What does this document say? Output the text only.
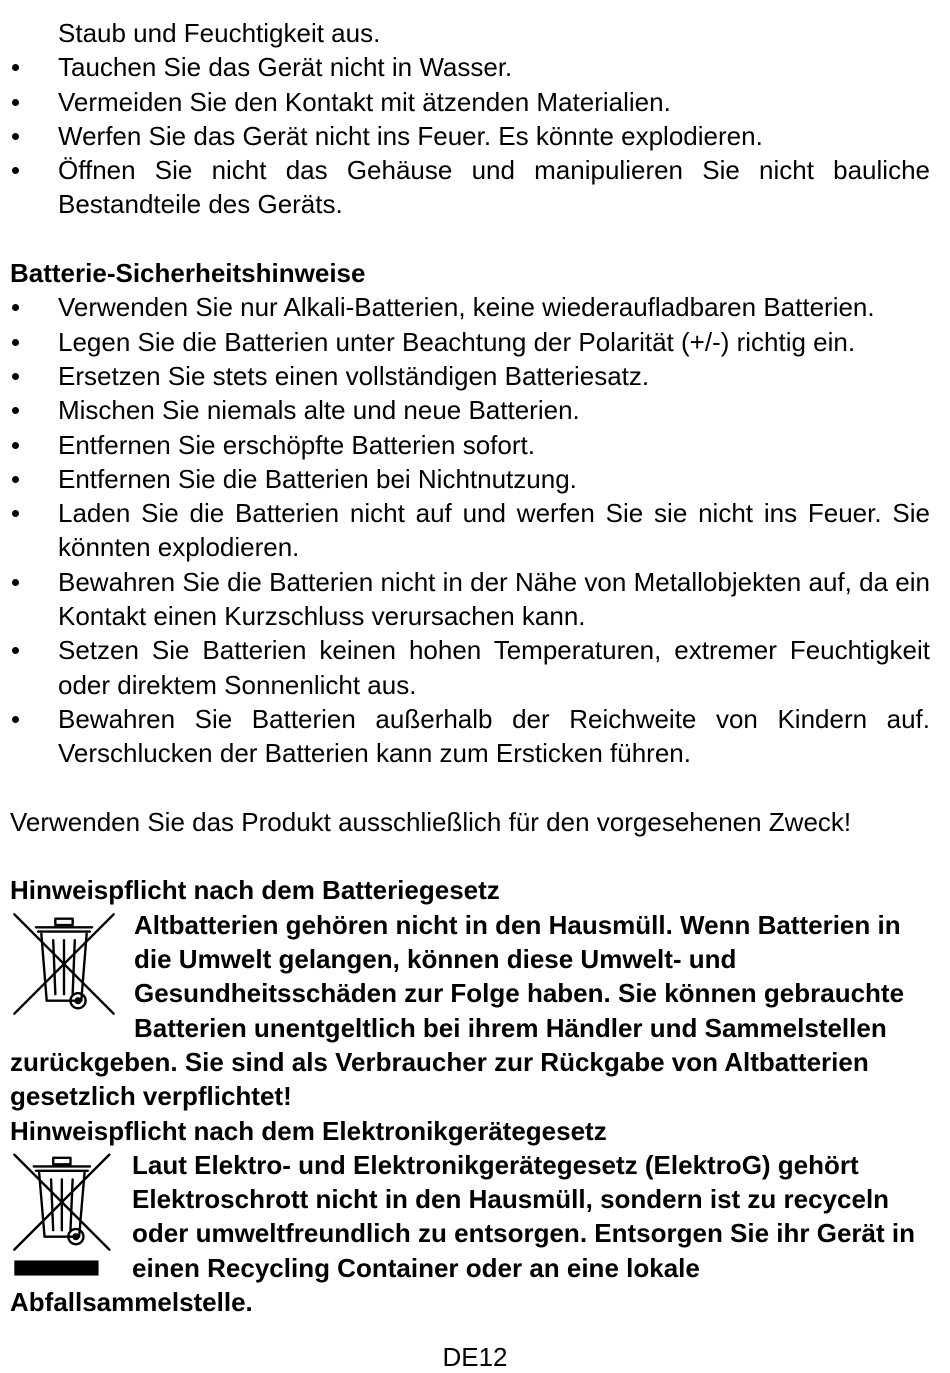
Staub und Feuchtigkeit aus.
Tauchen Sie das Gerät nicht in Wasser.
Vermeiden Sie den Kontakt mit ätzenden Materialien.
Werfen Sie das Gerät nicht ins Feuer. Es könnte explodieren.
Öffnen Sie nicht das Gehäuse und manipulieren Sie nicht bauliche Bestandteile des Geräts.
Batterie-Sicherheitshinweise
Verwenden Sie nur Alkali-Batterien, keine wiederaufladbaren Batterien.
Legen Sie die Batterien unter Beachtung der Polarität (+/-) richtig ein.
Ersetzen Sie stets einen vollständigen Batteriesatz.
Mischen Sie niemals alte und neue Batterien.
Entfernen Sie erschöpfte Batterien sofort.
Entfernen Sie die Batterien bei Nichtnutzung.
Laden Sie die Batterien nicht auf und werfen Sie sie nicht ins Feuer. Sie könnten explodieren.
Bewahren Sie die Batterien nicht in der Nähe von Metallobjekten auf, da ein Kontakt einen Kurzschluss verursachen kann.
Setzen Sie Batterien keinen hohen Temperaturen, extremer Feuchtigkeit oder direktem Sonnenlicht aus.
Bewahren Sie Batterien außerhalb der Reichweite von Kindern auf. Verschlucken der Batterien kann zum Ersticken führen.

Verwenden Sie das Produkt ausschließlich für den vorgesehenen Zweck!

Hinweispflicht nach dem Batteriegesetz
Altbatterien gehören nicht in den Hausmüll. Wenn Batterien in die Umwelt gelangen, können diese Umwelt- und Gesundheitsschäden zur Folge haben. Sie können gebrauchte Batterien unentgeltlich bei ihrem Händler und Sammelstellen zurückgeben. Sie sind als Verbraucher zur Rückgabe von Altbatterien gesetzlich verpflichtet!
Hinweispflicht nach dem Elektronikgerätegesetz
Laut Elektro- und Elektronikgerätegesetz (ElektroG) gehört Elektroschrott nicht in den Hausmüll, sondern ist zu recyceln oder umweltfreundlich zu entsorgen. Entsorgen Sie ihr Gerät in einen Recycling Container oder an eine lokale Abfallsammelstelle.
DE12
